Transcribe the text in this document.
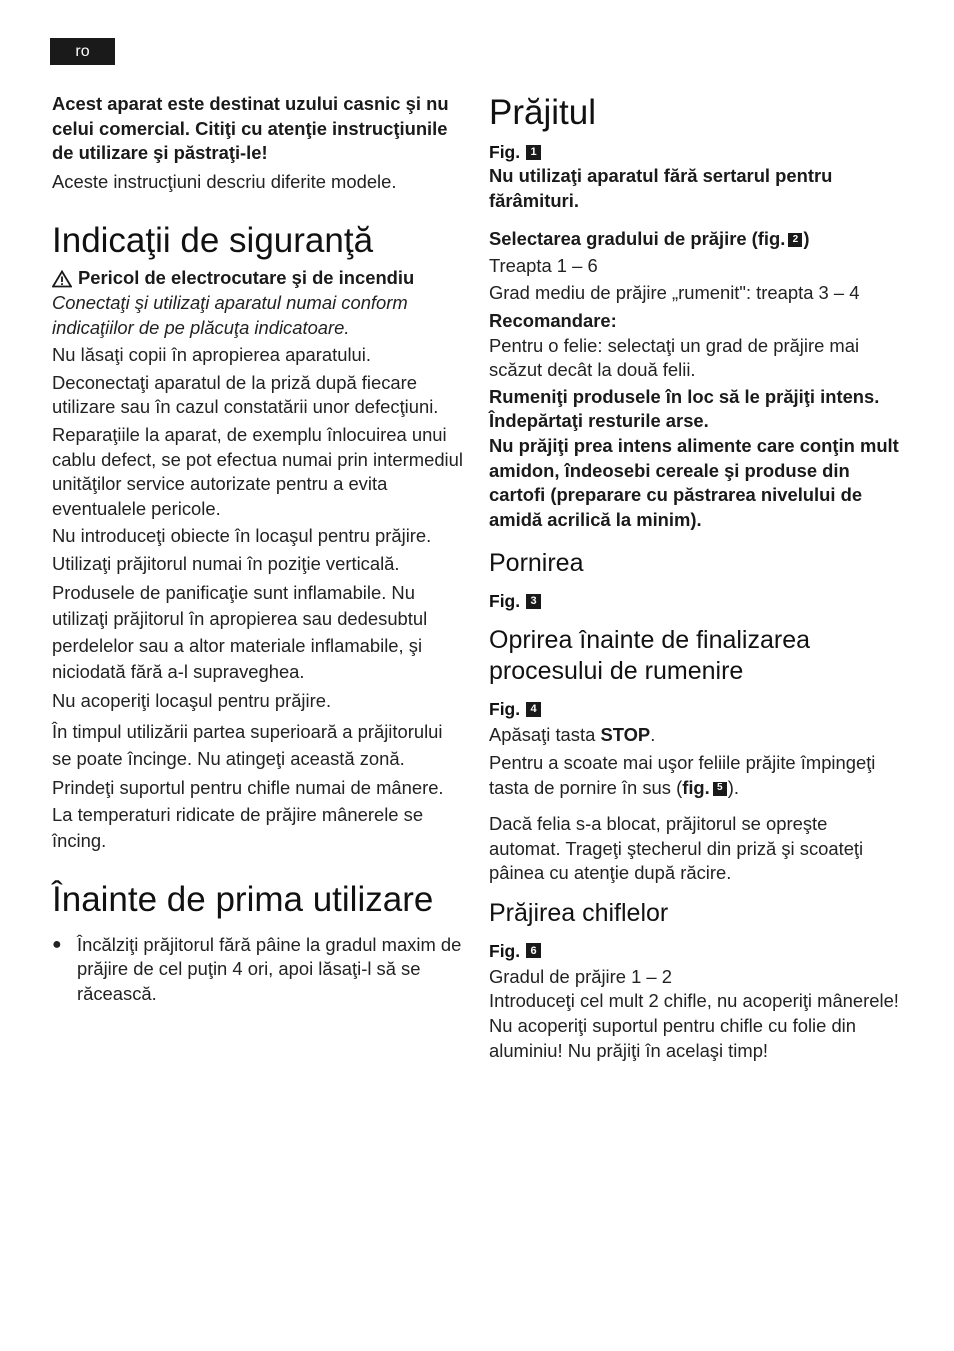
ro

Acest aparat este destinat uzului casnic şi nu celui comercial. Citiţi cu atenţie instrucţiunile de utilizare şi păstraţi-le!

Aceste instrucţiuni descriu diferite modele.

Indicaţii de siguranţă
Pericol de electrocutare şi de incendiu

Conectaţi şi utilizaţi aparatul numai conform indicaţiilor de pe plăcuţa indicatoare.

Nu lăsaţi copii în apropierea aparatului.

Deconectaţi aparatul de la priză după fiecare utilizare sau în cazul constatării unor defecţiuni.

Reparaţiile la aparat, de exemplu înlocuirea unui cablu defect, se pot efectua numai prin intermediul unităţilor service autorizate pentru a evita eventualele pericole.

Nu introduceţi obiecte în locaşul pentru prăjire.

Utilizaţi prăjitorul numai în poziţie verticală.

Produsele de panificaţie sunt inflamabile. Nu utilizaţi prăjitorul în apropierea sau dedesubtul perdelelor sau a altor materiale inflamabile, şi niciodată fără a-l supraveghea.

Nu acoperiţi locaşul pentru prăjire.

În timpul utilizării partea superioară a prăjitorului se poate încinge. Nu atingeţi această zonă.

Prindeţi suportul pentru chifle numai de mânere. La temperaturi ridicate de prăjire mânerele se încing.

Înainte de prima utilizare
● Încălziţi prăjitorul fără pâine la gradul maxim de prăjire de cel puţin 4 ori, apoi lăsaţi-l să se răcească.
Prăjitul
Fig. 1

Nu utilizaţi aparatul fără sertarul pentru fărâmituri.

Selectarea gradului de prăjire (fig. 2 )

Treapta 1 – 6

Grad mediu de prăjire „rumenit": treapta 3 – 4

Recomandare:

Pentru o felie: selectaţi un grad de prăjire mai scăzut decât la două felii.

Rumeniţi produsele în loc să le prăjiţi intens. Îndepărtaţi resturile arse.

Nu prăjiţi prea intens alimente care conţin mult amidon, îndeosebi cereale şi produse din cartofi (preparare cu păstrarea nivelului de amidă acrilică la minim).

Pornirea
Fig. 3
Oprirea înainte de finalizarea procesului de rumenire
Fig. 4

Apăsaţi tasta STOP.

Pentru a scoate mai uşor feliile prăjite împingeţi tasta de pornire în sus (fig. 5 ).

Dacă felia s-a blocat, prăjitorul se opreşte automat. Trageţi ştecherul din priză şi scoateţi pâinea cu atenţie după răcire.

Prăjirea chiflelor
Fig. 6

Gradul de prăjire 1 – 2

Introduceţi cel mult 2 chifle, nu acoperiţi mânerele!

Nu acoperiţi suportul pentru chifle cu folie din aluminiu! Nu prăjiţi în acelaşi timp!
